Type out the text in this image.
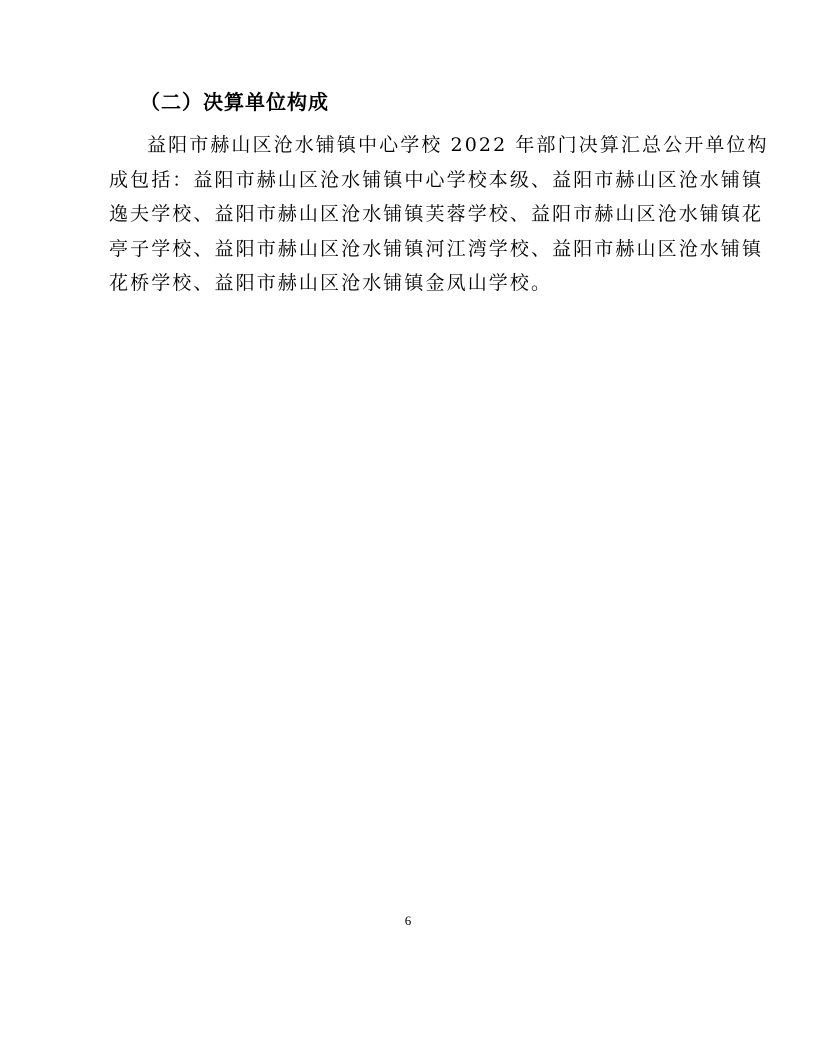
（二）决算单位构成
益阳市赫山区沧水铺镇中心学校 2022 年部门决算汇总公开单位构
成包括：益阳市赫山区沧水铺镇中心学校本级、益阳市赫山区沧水铺镇
逸夫学校、益阳市赫山区沧水铺镇芙蓉学校、益阳市赫山区沧水铺镇花
亭子学校、益阳市赫山区沧水铺镇河江湾学校、益阳市赫山区沧水铺镇
花桥学校、益阳市赫山区沧水铺镇金凤山学校。
6
